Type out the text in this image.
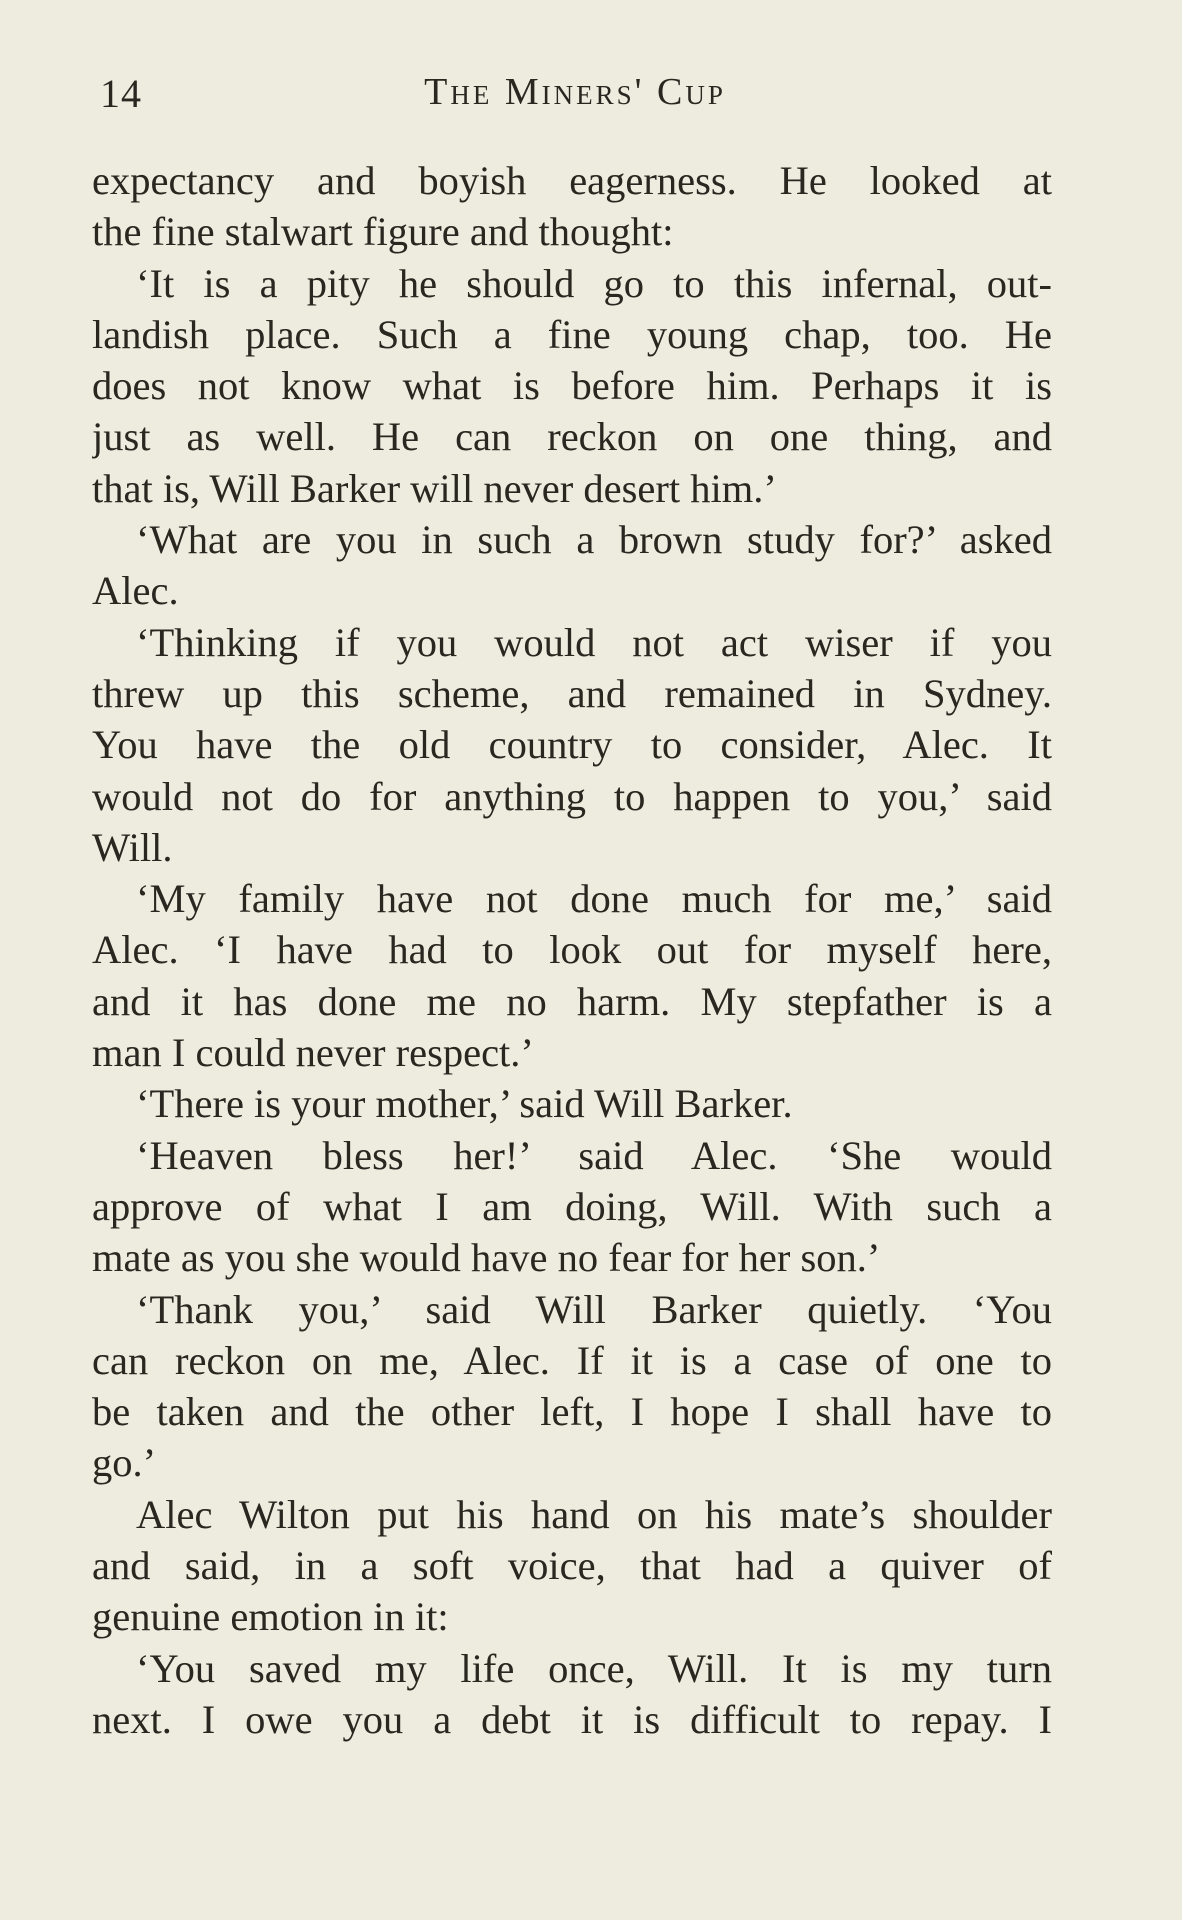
14	The Miners' Cup
expectancy and boyish eagerness. He looked at
the fine stalwart figure and thought:
‘It is a pity he should go to this infernal, out-
landish place. Such a fine young chap, too. He
does not know what is before him. Perhaps it is
just as well. He can reckon on one thing, and
that is, Will Barker will never desert him.’
‘What are you in such a brown study for?’ asked
Alec.
‘Thinking if you would not act wiser if you
threw up this scheme, and remained in Sydney.
You have the old country to consider, Alec. It
would not do for anything to happen to you,’ said
Will.
‘My family have not done much for me,’ said
Alec. ‘I have had to look out for myself here,
and it has done me no harm. My stepfather is a
man I could never respect.’
‘There is your mother,’ said Will Barker.
‘Heaven bless her!’ said Alec. ‘She would
approve of what I am doing, Will. With such a
mate as you she would have no fear for her son.’
‘Thank you,’ said Will Barker quietly. ‘You
can reckon on me, Alec. If it is a case of one to
be taken and the other left, I hope I shall have to
go.’
Alec Wilton put his hand on his mate’s shoulder
and said, in a soft voice, that had a quiver of
genuine emotion in it:
‘You saved my life once, Will. It is my turn
next. I owe you a debt it is difficult to repay. I
